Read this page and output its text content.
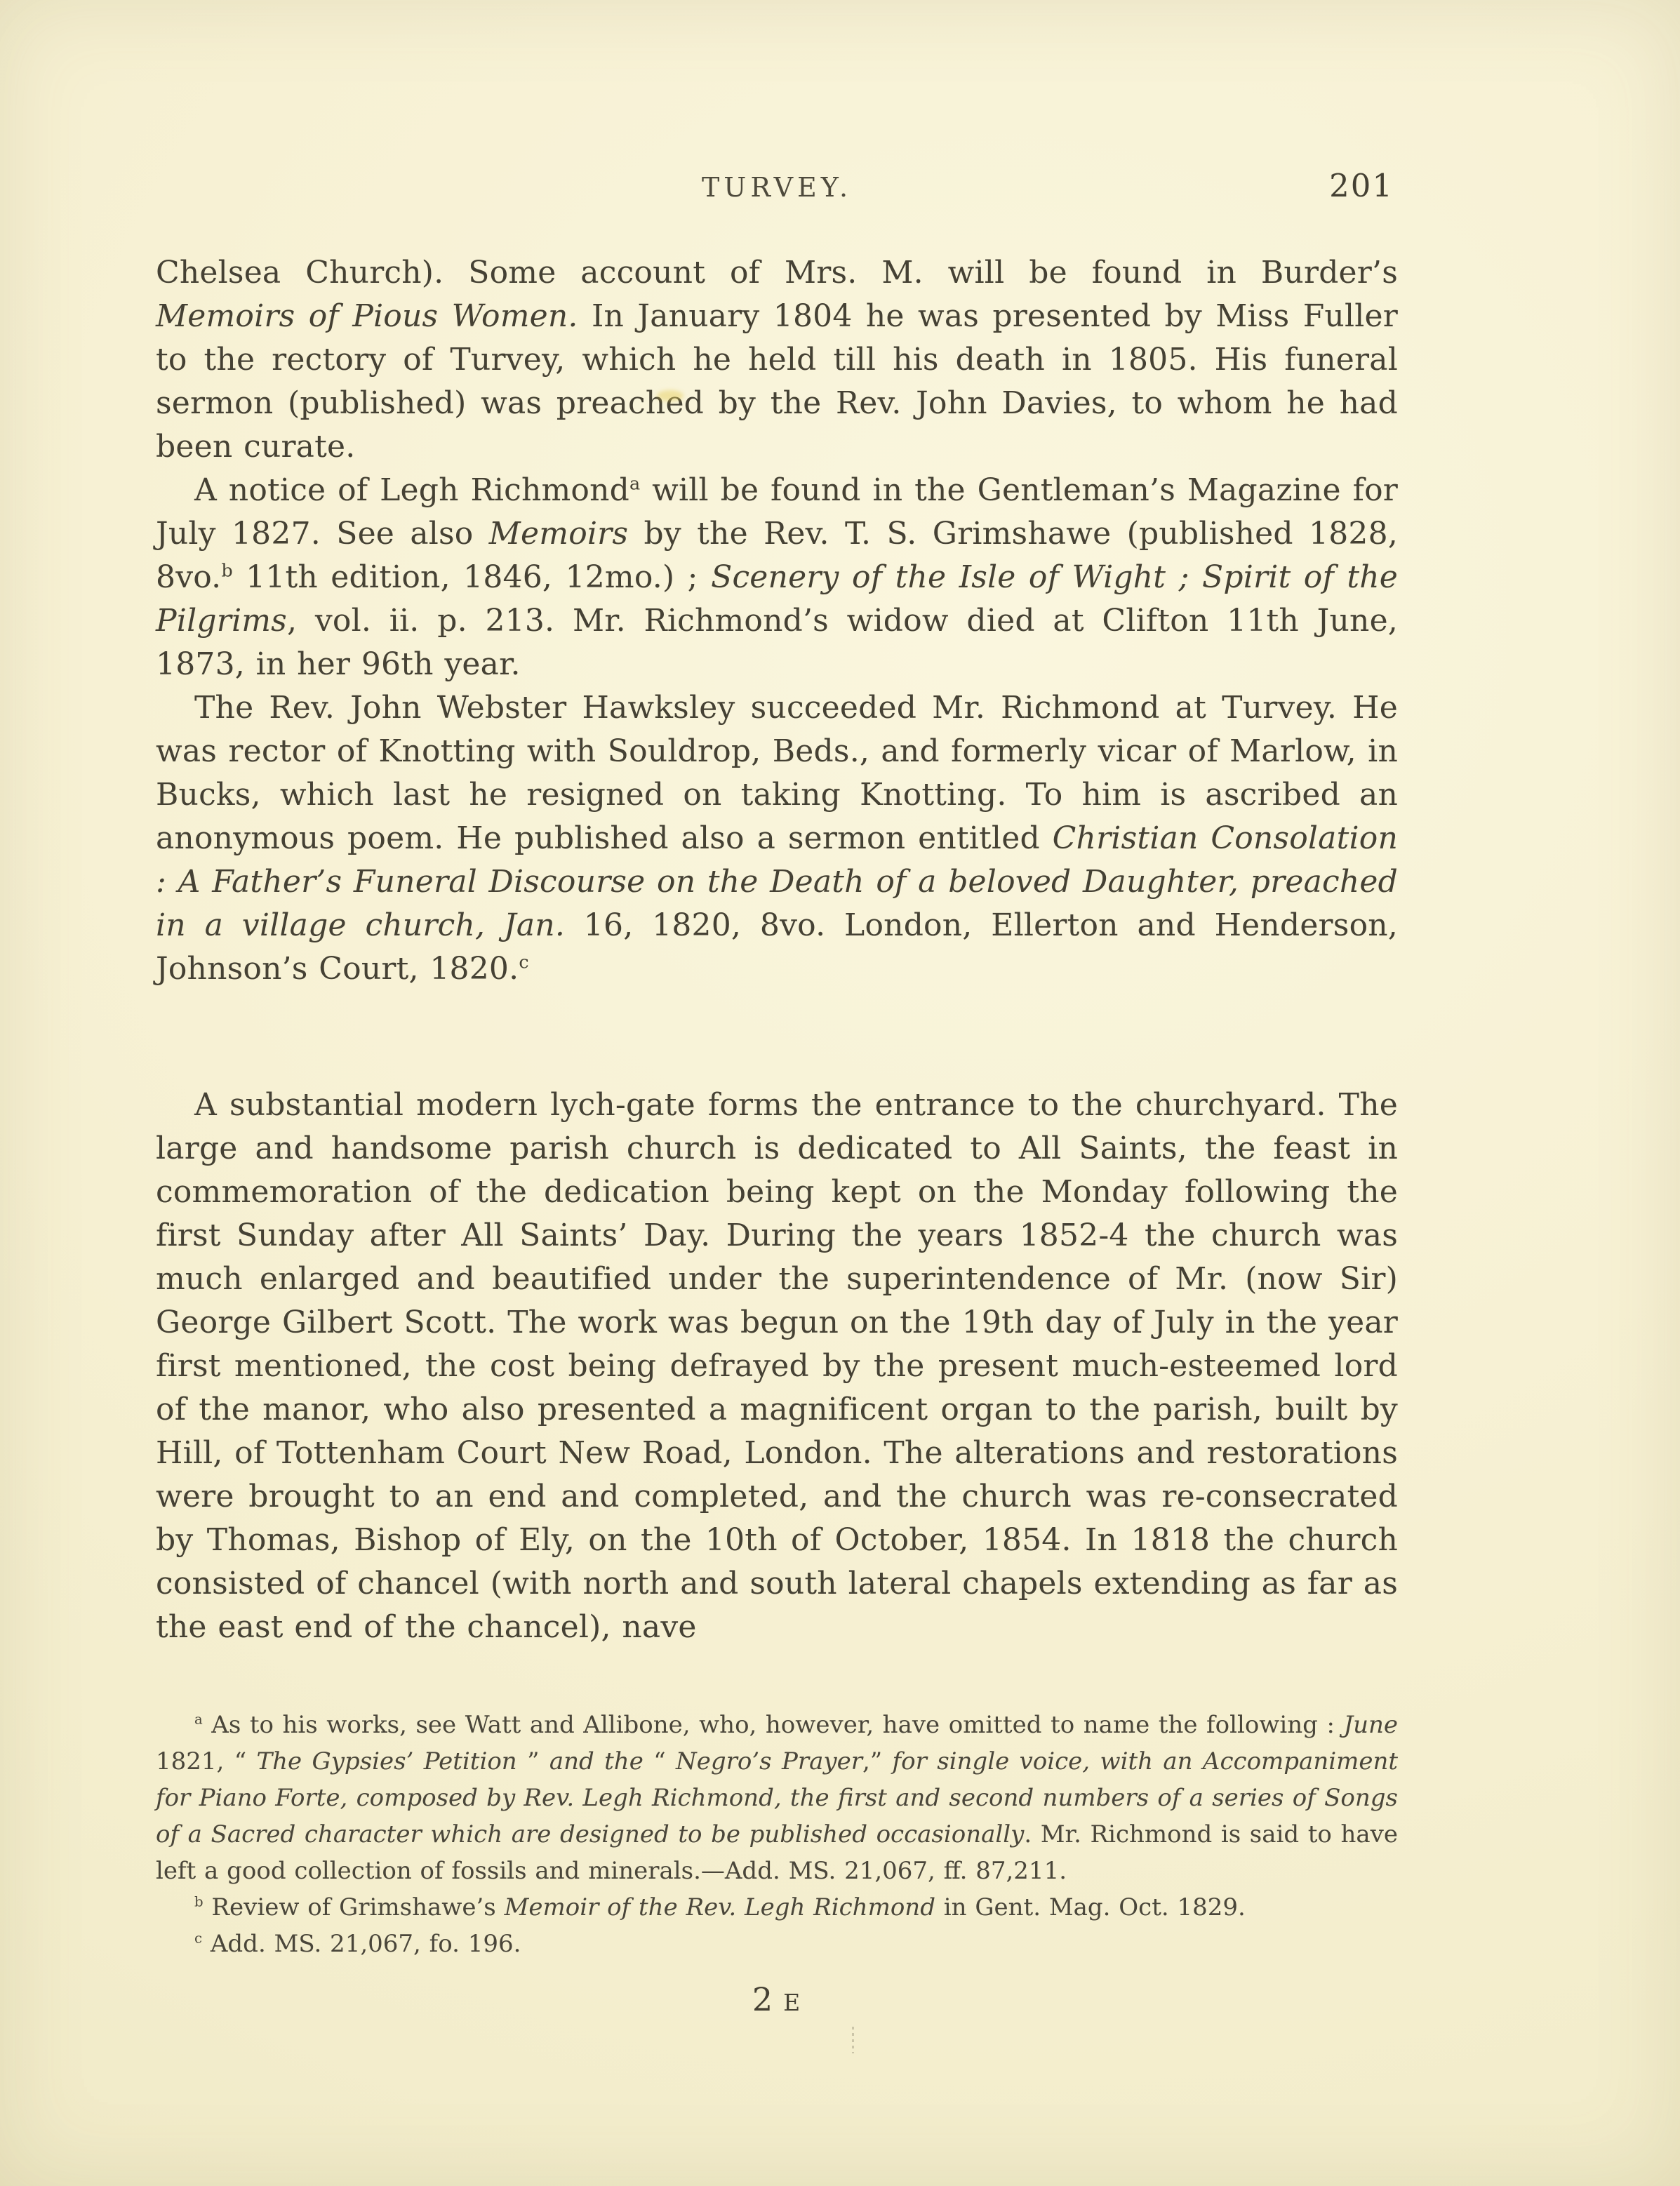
TURVEY.	201

Chelsea Church). Some account of Mrs. M. will be found in Burder’s Memoirs of Pious Women. In January 1804 he was presented by Miss Fuller to the rectory of Turvey, which he held till his death in 1805. His funeral sermon (published) was preached by the Rev. John Davies, to whom he had been curate.

A notice of Legh Richmond$^a$ will be found in the Gentleman’s Magazine for July 1827. See also Memoirs by the Rev. T. S. Grimshawe (published 1828, 8vo.$^b$ 11th edition, 1846, 12mo.) ; Scenery of the Isle of Wight ; Spirit of the Pilgrims, vol. ii. p. 213. Mr. Richmond’s widow died at Clifton 11th June, 1873, in her 96th year.

The Rev. John Webster Hawksley succeeded Mr. Richmond at Turvey. He was rector of Knotting with Souldrop, Beds., and formerly vicar of Marlow, in Bucks, which last he resigned on taking Knotting. To him is ascribed an anonymous poem. He published also a sermon entitled Christian Consolation : A Father’s Funeral Discourse on the Death of a beloved Daughter, preached in a village church, Jan. 16, 1820, 8vo. London, Ellerton and Henderson, Johnson’s Court, 1820.$^c$

A substantial modern lych-gate forms the entrance to the churchyard. The large and handsome parish church is dedicated to All Saints, the feast in commemoration of the dedication being kept on the Monday following the first Sunday after All Saints’ Day. During the years 1852-4 the church was much enlarged and beautified under the superintendence of Mr. (now Sir) George Gilbert Scott. The work was begun on the 19th day of July in the year first mentioned, the cost being defrayed by the present much-esteemed lord of the manor, who also presented a magnificent organ to the parish, built by Hill, of Tottenham Court New Road, London. The alterations and restorations were brought to an end and completed, and the church was re-consecrated by Thomas, Bishop of Ely, on the 10th of October, 1854. In 1818 the church consisted of chancel (with north and south lateral chapels extending as far as the east end of the chancel), nave

$^a$ As to his works, see Watt and Allibone, who, however, have omitted to name the following : June 1821, “ The Gypsies’ Petition ” and the “ Negro’s Prayer,” for single voice, with an Accompaniment for Piano Forte, composed by Rev. Legh Richmond, the first and second numbers of a series of Songs of a Sacred character which are designed to be published occasionally. Mr. Richmond is said to have left a good collection of fossils and minerals.—Add. MS. 21,067, ff. 87,211.

$^b$ Review of Grimshawe’s Memoir of the Rev. Legh Richmond in Gent. Mag. Oct. 1829.

$^c$ Add. MS. 21,067, fo. 196.

2 E
